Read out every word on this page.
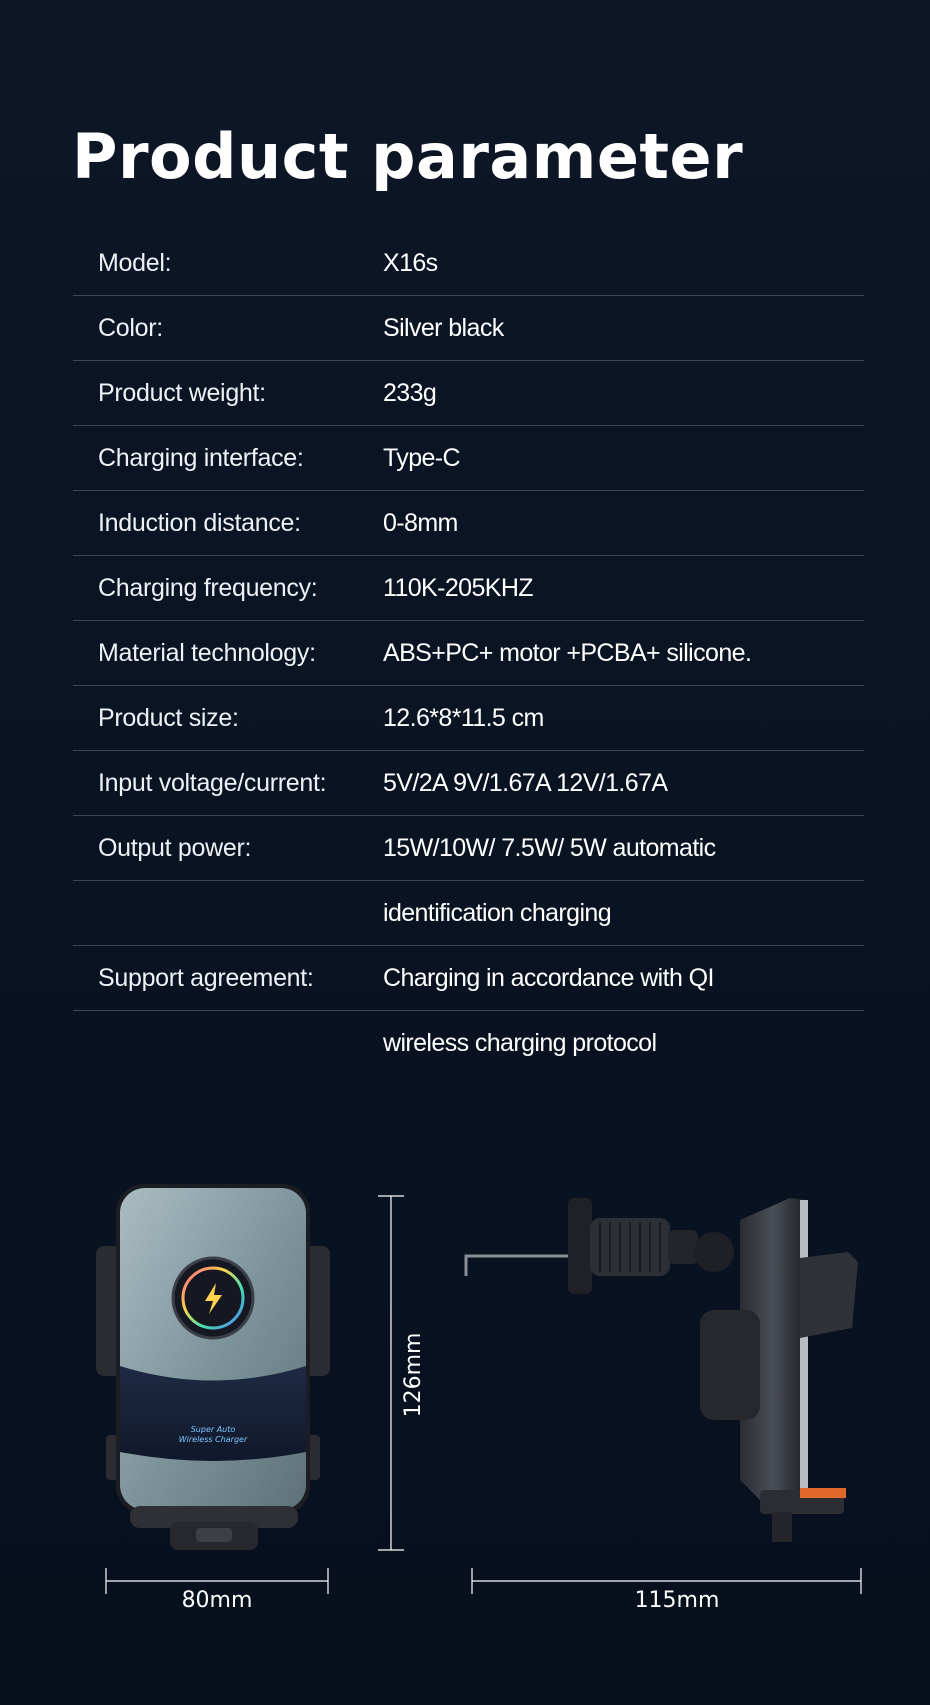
Product parameter
Model:	X16s
Color:	Silver black
Product weight:	233g
Charging interface:	Type-C
Induction distance:	0-8mm
Charging frequency:	110K-205KHZ
Material technology:	ABS+PC+ motor +PCBA+ silicone.
Product size:	12.6*8*11.5 cm
Input voltage/current: 5V/2A 9V/1.67A 12V/1.67A
Output power:	15W/10W/ 7.5W/ 5W automatic
identification charging
Support agreement:	Charging in accordance with QI
wireless charging protocol
Super Auto
Wireless Charger
126mm
80mm	115mm
